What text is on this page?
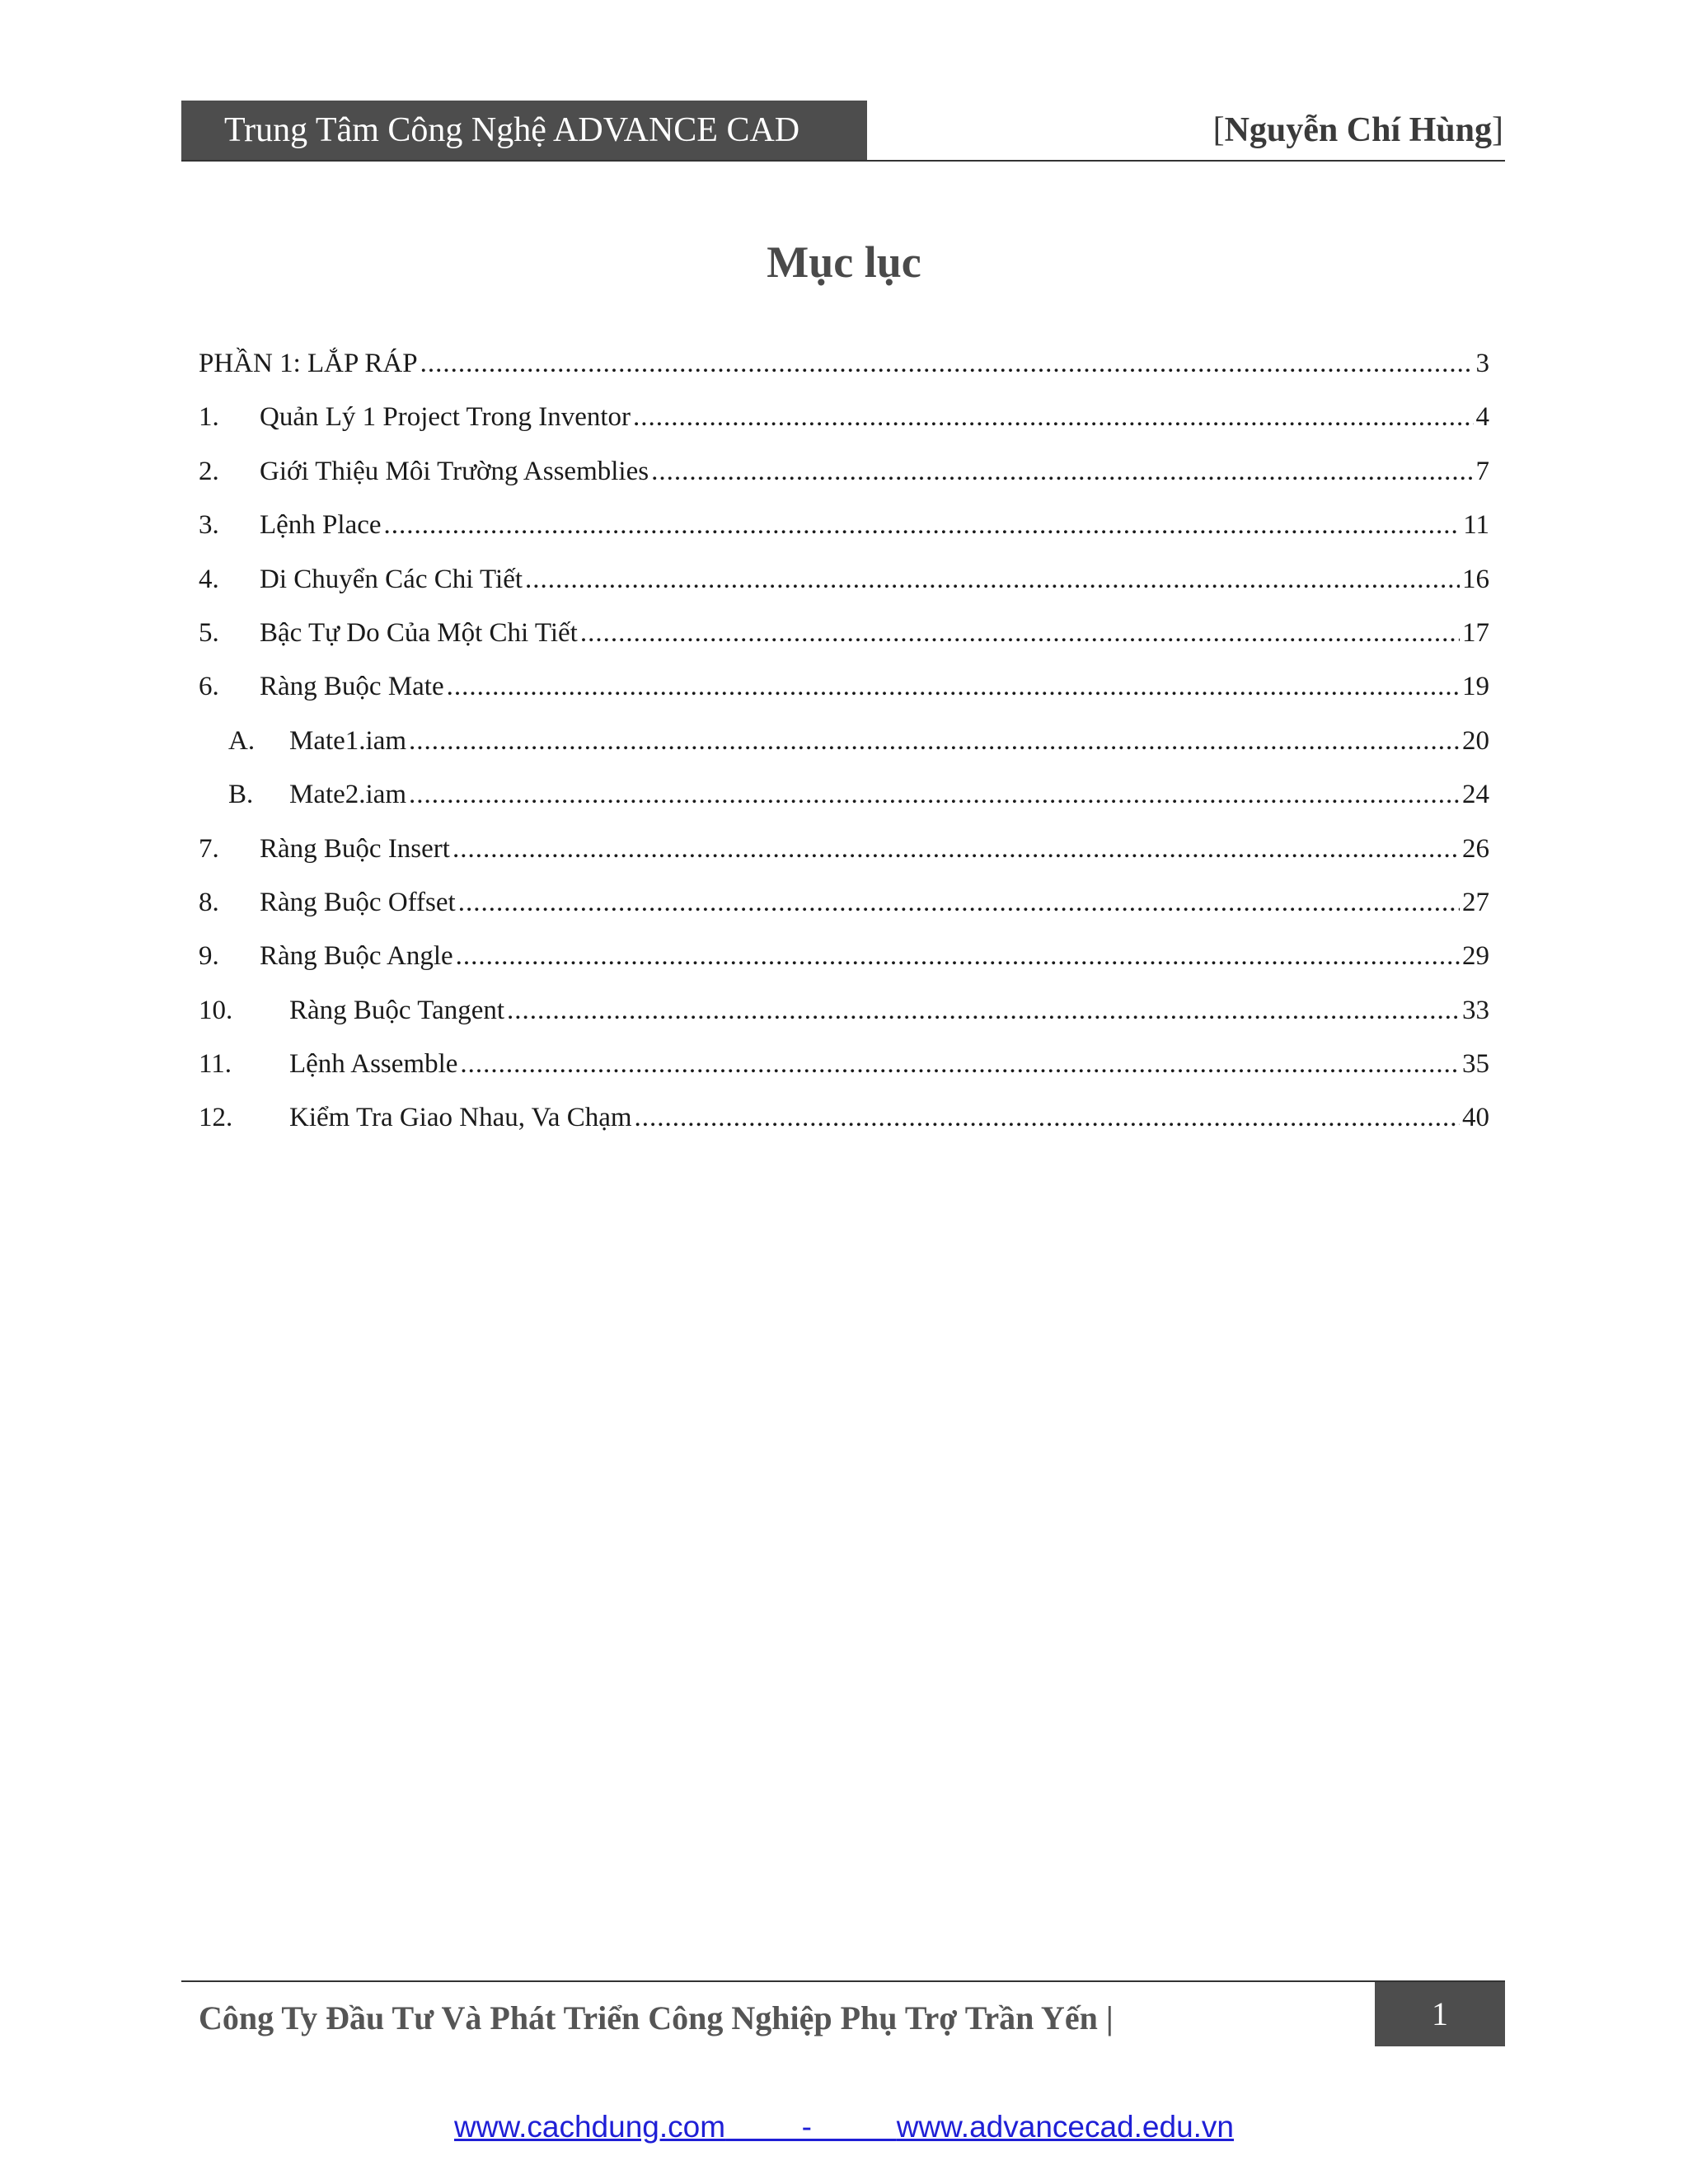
Trung Tâm Công Nghệ ADVANCE CAD	[Nguyễn Chí Hùng]
Mục lục
PHẦN 1: LẮP RÁP .....	3
1.	Quản Lý 1 Project Trong Inventor .....	4
2.	Giới Thiệu Môi Trường Assemblies .....	7
3.	Lệnh Place .....	11
4.	Di Chuyển Các Chi Tiết .....	16
5.	Bậc Tự Do Của Một Chi Tiết .....	17
6.	Ràng Buộc Mate .....	19
A.	Mate1.iam .....	20
B.	Mate2.iam .....	24
7.	Ràng Buộc Insert .....	26
8.	Ràng Buộc Offset .....	27
9.	Ràng Buộc Angle .....	29
10.	Ràng Buộc Tangent .....	33
11.	Lệnh Assemble .....	35
12.	Kiểm Tra Giao Nhau, Va Chạm .....	40
Công Ty Đầu Tư Và Phát Triển Công Nghiệp Phụ Trợ Trần Yến |	1
www.cachdung.com         -          www.advancecad.edu.vn
